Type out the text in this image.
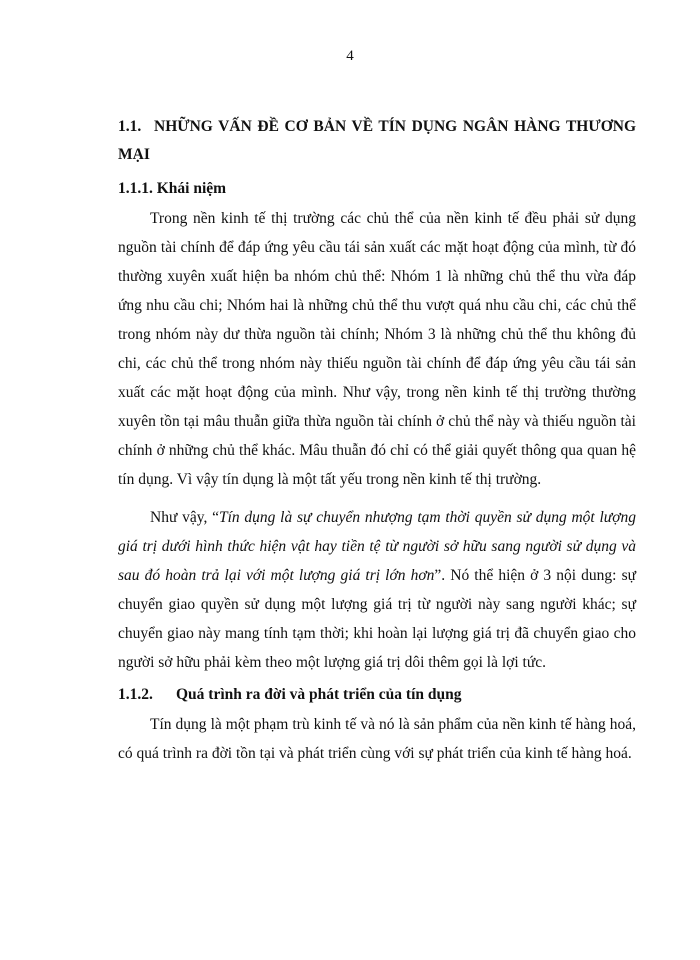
4
1.1. NHỮNG VẤN ĐỀ CƠ BẢN VỀ TÍN DỤNG NGÂN HÀNG THƯƠNG MẠI
1.1.1. Khái niệm

Trong nền kinh tế thị trường các chủ thể của nền kinh tế đều phải sử dụng nguồn tài chính để đáp ứng yêu cầu tái sản xuất các mặt hoạt động của mình, từ đó thường xuyên xuất hiện ba nhóm chủ thể: Nhóm 1 là những chủ thể thu vừa đáp ứng nhu cầu chi; Nhóm hai là những chủ thể thu vượt quá nhu cầu chi, các chủ thể trong nhóm này dư thừa nguồn tài chính; Nhóm 3 là những chủ thể thu không đủ chi, các chủ thể trong nhóm này thiếu nguồn tài chính để đáp ứng yêu cầu tái sản xuất các mặt hoạt động của mình. Như vậy, trong nền kinh tế thị trường thường xuyên tồn tại mâu thuẫn giữa thừa nguồn tài chính ở chủ thể này và thiếu nguồn tài chính ở những chủ thể khác. Mâu thuẫn đó chỉ có thể giải quyết thông qua quan hệ tín dụng. Vì vậy tín dụng là một tất yếu trong nền kinh tế thị trường.

Như vậy, “Tín dụng là sự chuyển nhượng tạm thời quyền sử dụng một lượng giá trị dưới hình thức hiện vật hay tiền tệ từ người sở hữu sang người sử dụng và sau đó hoàn trả lại với một lượng giá trị lớn hơn”. Nó thể hiện ở 3 nội dung: sự chuyển giao quyền sử dụng một lượng giá trị từ người này sang người khác; sự chuyển giao này mang tính tạm thời; khi hoàn lại lượng giá trị đã chuyển giao cho người sở hữu phải kèm theo một lượng giá trị dôi thêm gọi là lợi tức.

1.1.2. Quá trình ra đời và phát triển của tín dụng

Tín dụng là một phạm trù kinh tế và nó là sản phẩm của nền kinh tế hàng hoá, có quá trình ra đời tồn tại và phát triển cùng với sự phát triển của kinh tế hàng hoá.
